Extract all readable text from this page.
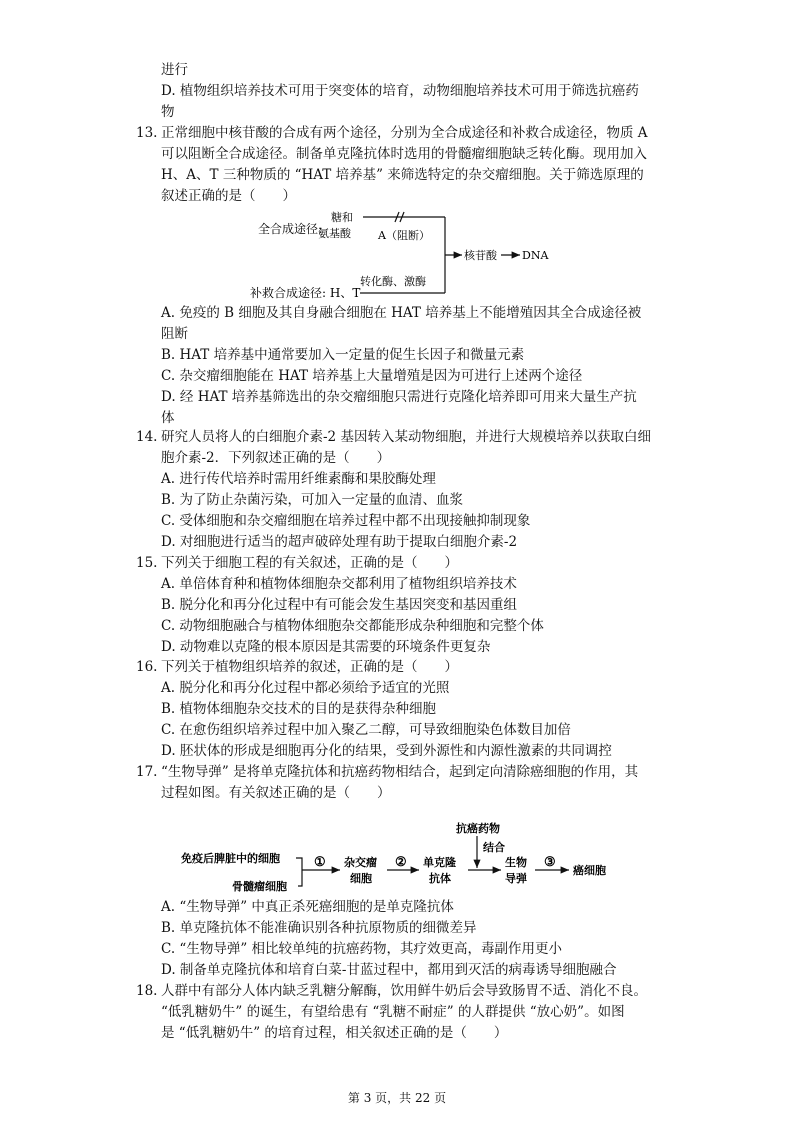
进行
D. 植物组织培养技术可用于突变体的培育，动物细胞培养技术可用于筛选抗癌药
物
13. 正常细胞中核苷酸的合成有两个途径，分别为全合成途径和补救合成途径，物质 A
可以阻断全合成途径。制备单克隆抗体时选用的骨髓瘤细胞缺乏转化酶。现用加入
H、A、T 三种物质的 “HAT 培养基” 来筛选特定的杂交瘤细胞。关于筛选原理的
叙述正确的是（　　）
全合成途径:
糖和
氨基酸 A（阻断）
核苷酸 DNA
转化酶、激酶
补救合成途径: H、T
A. 免疫的 B 细胞及其自身融合细胞在 HAT 培养基上不能增殖因其全合成途径被
阻断
B. HAT 培养基中通常要加入一定量的促生长因子和微量元素
C. 杂交瘤细胞能在 HAT 培养基上大量增殖是因为可进行上述两个途径
D. 经 HAT 培养基筛选出的杂交瘤细胞只需进行克隆化培养即可用来大量生产抗
体
14. 研究人员将人的白细胞介素-2 基因转入某动物细胞，并进行大规模培养以获取白细
胞介素-2．下列叙述正确的是（　　）
A. 进行传代培养时需用纤维素酶和果胶酶处理
B. 为了防止杂菌污染，可加入一定量的血清、血浆
C. 受体细胞和杂交瘤细胞在培养过程中都不出现接触抑制现象
D. 对细胞进行适当的超声破碎处理有助于提取白细胞介素-2
15. 下列关于细胞工程的有关叙述，正确的是（　　）
A. 单倍体育种和植物体细胞杂交都利用了植物组织培养技术
B. 脱分化和再分化过程中有可能会发生基因突变和基因重组
C. 动物细胞融合与植物体细胞杂交都能形成杂种细胞和完整个体
D. 动物难以克隆的根本原因是其需要的环境条件更复杂
16. 下列关于植物组织培养的叙述，正确的是（　　）
A. 脱分化和再分化过程中都必须给予适宜的光照
B. 植物体细胞杂交技术的目的是获得杂种细胞
C. 在愈伤组织培养过程中加入聚乙二醇，可导致细胞染色体数目加倍
D. 胚状体的形成是细胞再分化的结果，受到外源性和内源性激素的共同调控
17. “生物导弹” 是将单克隆抗体和抗癌药物相结合，起到定向清除癌细胞的作用，其
过程如图。有关叙述正确的是（　　）
免疫后脾脏中的细胞
骨髓瘤细胞
① 杂交瘤
细胞
② 单克隆
抗体
抗癌药物
结合
生物
导弹
③
癌细胞
A. “生物导弹” 中真正杀死癌细胞的是单克隆抗体
B. 单克隆抗体不能准确识别各种抗原物质的细微差异
C. “生物导弹” 相比较单纯的抗癌药物，其疗效更高，毒副作用更小
D. 制备单克隆抗体和培育白菜-甘蓝过程中，都用到灭活的病毒诱导细胞融合
18. 人群中有部分人体内缺乏乳糖分解酶，饮用鲜牛奶后会导致肠胃不适、消化不良。
“低乳糖奶牛” 的诞生，有望给患有 “乳糖不耐症” 的人群提供 “放心奶”。如图
是 “低乳糖奶牛” 的培育过程，相关叙述正确的是（　　）
第 3 页，共 22 页
